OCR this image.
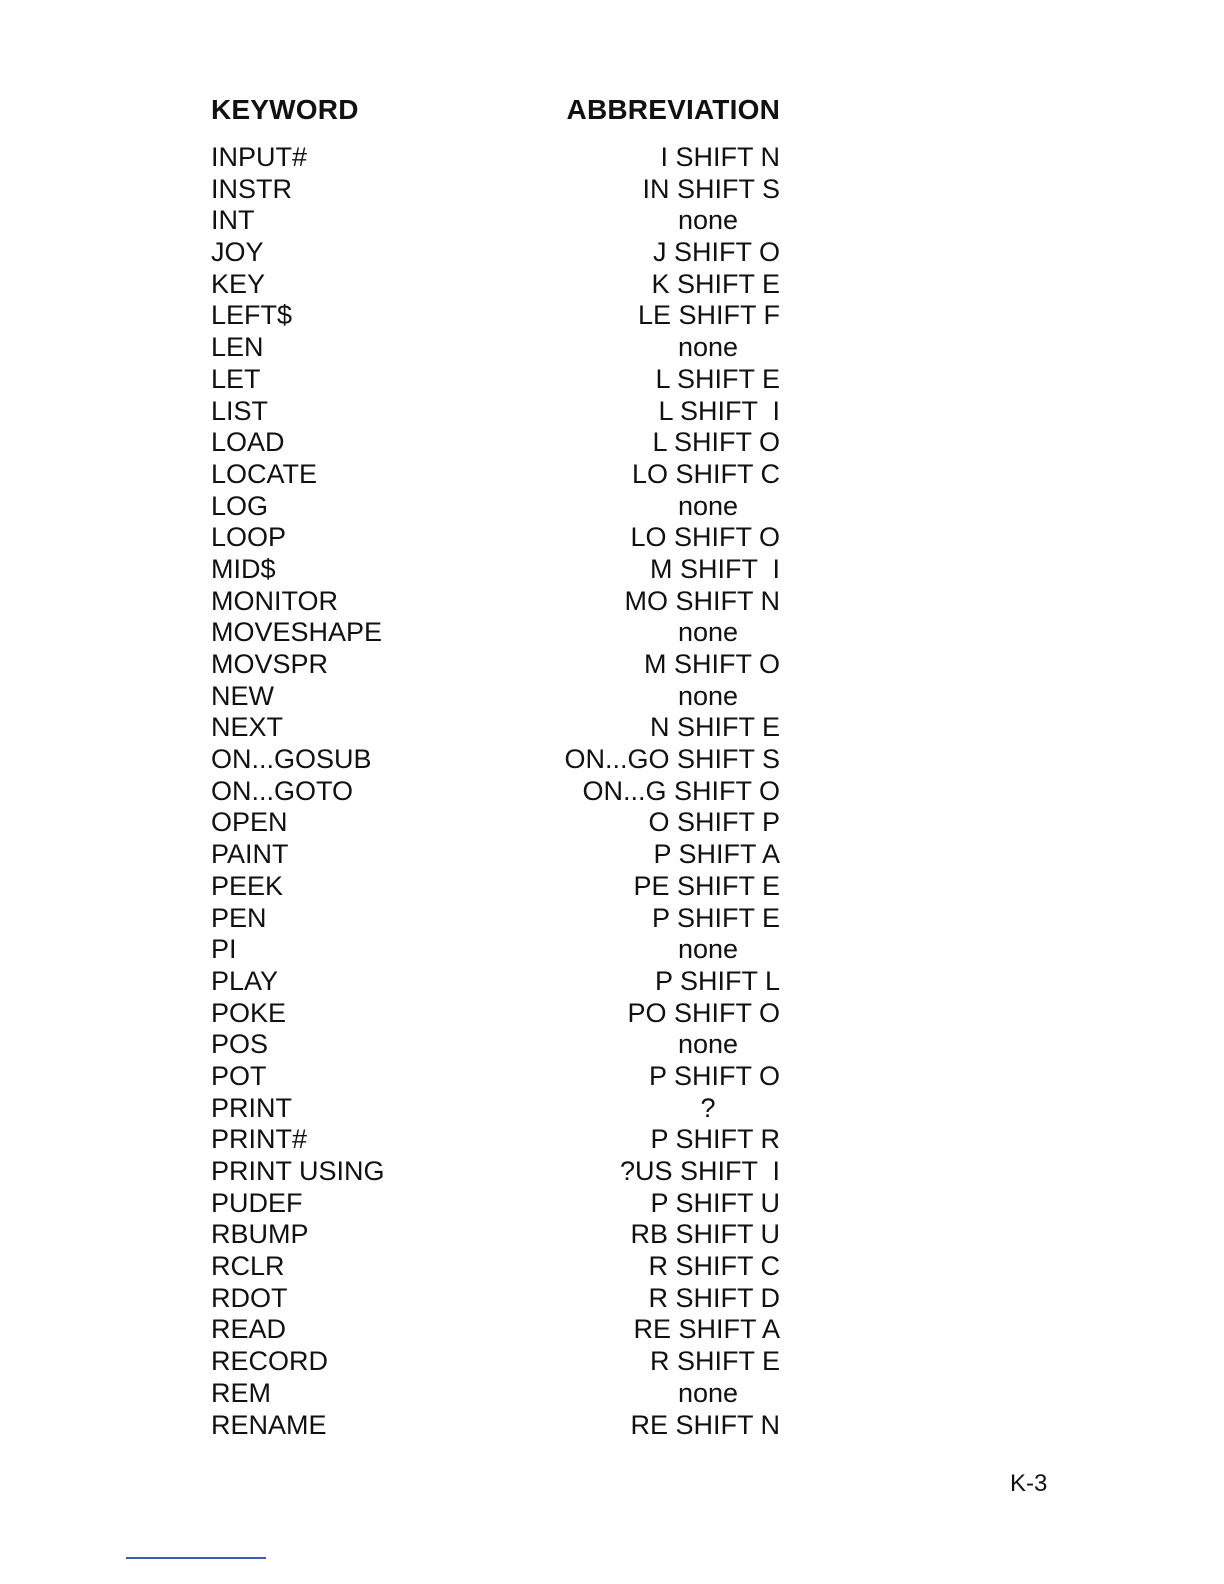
KEYWORD	ABBREVIATION
INPUT#	I SHIFT N
INSTR	IN SHIFT S
INT	none
JOY	J SHIFT O
KEY	K SHIFT E
LEFT$	LE SHIFT F
LEN	none
LET	L SHIFT E
LIST	L SHIFT  I
LOAD	L SHIFT O
LOCATE	LO SHIFT C
LOG	none
LOOP	LO SHIFT O
MID$	M SHIFT  I
MONITOR	MO SHIFT N
MOVESHAPE	none
MOVSPR	M SHIFT O
NEW	none
NEXT	N SHIFT E
ON...GOSUB	ON...GO SHIFT S
ON...GOTO	ON...G SHIFT O
OPEN	O SHIFT P
PAINT	P SHIFT A
PEEK	PE SHIFT E
PEN	P SHIFT E
PI	none
PLAY	P SHIFT L
POKE	PO SHIFT O
POS	none
POT	P SHIFT O
PRINT	?
PRINT#	P SHIFT R
PRINT USING	?US SHIFT  I
PUDEF	P SHIFT U
RBUMP	RB SHIFT U
RCLR	R SHIFT C
RDOT	R SHIFT D
READ	RE SHIFT A
RECORD	R SHIFT E
REM	none
RENAME	RE SHIFT N
K-3
